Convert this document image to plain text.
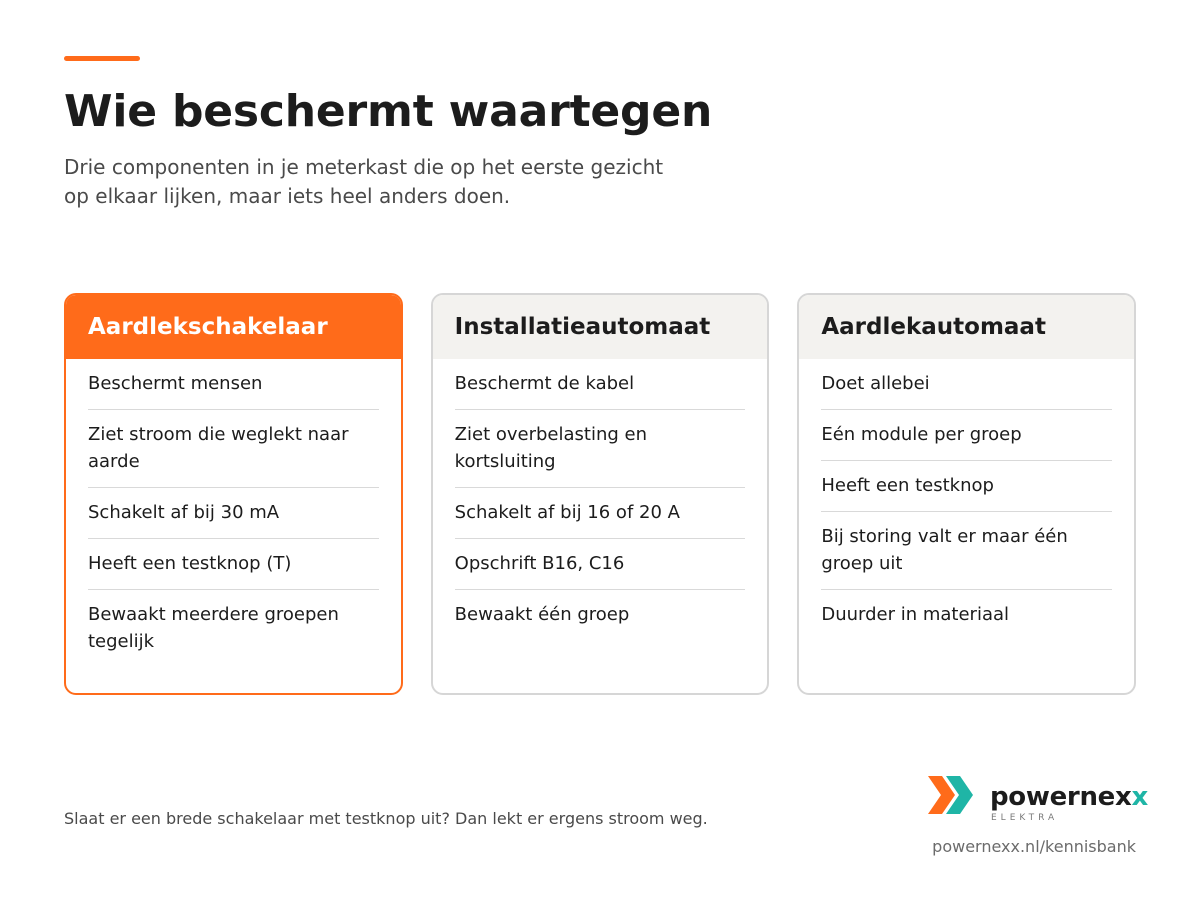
Wie beschermt waartegen

Drie componenten in je meterkast die op het eerste gezicht op elkaar lijken, maar iets heel anders doen.

Aardlekschakelaar
Beschermt mensen
Ziet stroom die weglekt naar aarde
Schakelt af bij 30 mA
Heeft een testknop (T)
Bewaakt meerdere groepen tegelijk
Installatieautomaat
Beschermt de kabel
Ziet overbelasting en kortsluiting
Schakelt af bij 16 of 20 A
Opschrift B16, C16
Bewaakt één groep
Aardlekautomaat
Doet allebei
Eén module per groep
Heeft een testknop
Bij storing valt er maar één groep uit
Duurder in materiaal

Slaat er een brede schakelaar met testknop uit? Dan lekt er ergens stroom weg.

powernexx
ELEKTRA
powernexx.nl/kennisbank
